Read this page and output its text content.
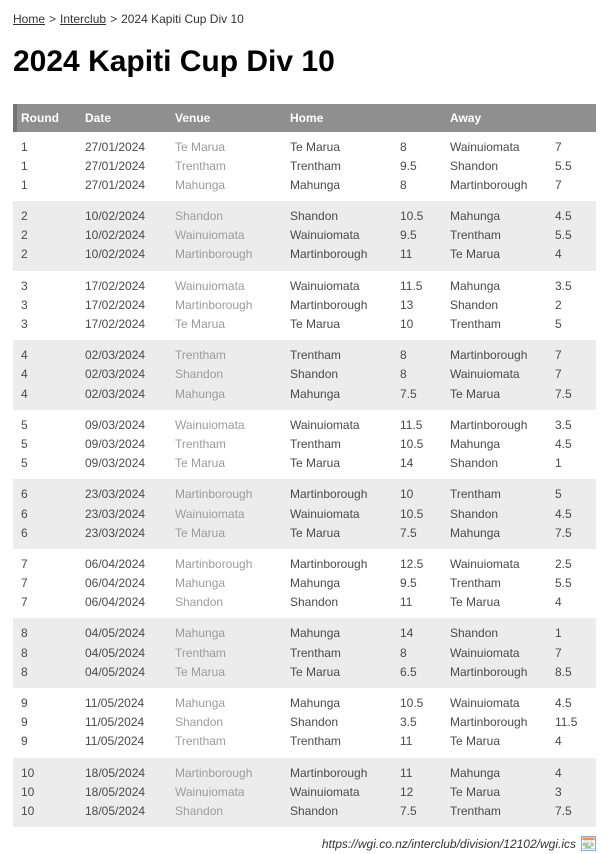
Home > Interclub > 2024 Kapiti Cup Div 10
2024 Kapiti Cup Div 10
Round	Date	Venue	Home		Away	
1	27/01/2024	Te Marua	Te Marua	8	Wainuiomata	7
1	27/01/2024	Trentham	Trentham	9.5	Shandon	5.5
1	27/01/2024	Mahunga	Mahunga	8	Martinborough	7
2	10/02/2024	Shandon	Shandon	10.5	Mahunga	4.5
2	10/02/2024	Wainuiomata	Wainuiomata	9.5	Trentham	5.5
2	10/02/2024	Martinborough	Martinborough	11	Te Marua	4
3	17/02/2024	Wainuiomata	Wainuiomata	11.5	Mahunga	3.5
3	17/02/2024	Martinborough	Martinborough	13	Shandon	2
3	17/02/2024	Te Marua	Te Marua	10	Trentham	5
4	02/03/2024	Trentham	Trentham	8	Martinborough	7
4	02/03/2024	Shandon	Shandon	8	Wainuiomata	7
4	02/03/2024	Mahunga	Mahunga	7.5	Te Marua	7.5
5	09/03/2024	Wainuiomata	Wainuiomata	11.5	Martinborough	3.5
5	09/03/2024	Trentham	Trentham	10.5	Mahunga	4.5
5	09/03/2024	Te Marua	Te Marua	14	Shandon	1
6	23/03/2024	Martinborough	Martinborough	10	Trentham	5
6	23/03/2024	Wainuiomata	Wainuiomata	10.5	Shandon	4.5
6	23/03/2024	Te Marua	Te Marua	7.5	Mahunga	7.5
7	06/04/2024	Martinborough	Martinborough	12.5	Wainuiomata	2.5
7	06/04/2024	Mahunga	Mahunga	9.5	Trentham	5.5
7	06/04/2024	Shandon	Shandon	11	Te Marua	4
8	04/05/2024	Mahunga	Mahunga	14	Shandon	1
8	04/05/2024	Trentham	Trentham	8	Wainuiomata	7
8	04/05/2024	Te Marua	Te Marua	6.5	Martinborough	8.5
9	11/05/2024	Mahunga	Mahunga	10.5	Wainuiomata	4.5
9	11/05/2024	Shandon	Shandon	3.5	Martinborough	11.5
9	11/05/2024	Trentham	Trentham	11	Te Marua	4
10	18/05/2024	Martinborough	Martinborough	11	Mahunga	4
10	18/05/2024	Wainuiomata	Wainuiomata	12	Te Marua	3
10	18/05/2024	Shandon	Shandon	7.5	Trentham	7.5
https://wgi.co.nz/interclub/division/12102/wgi.ics
